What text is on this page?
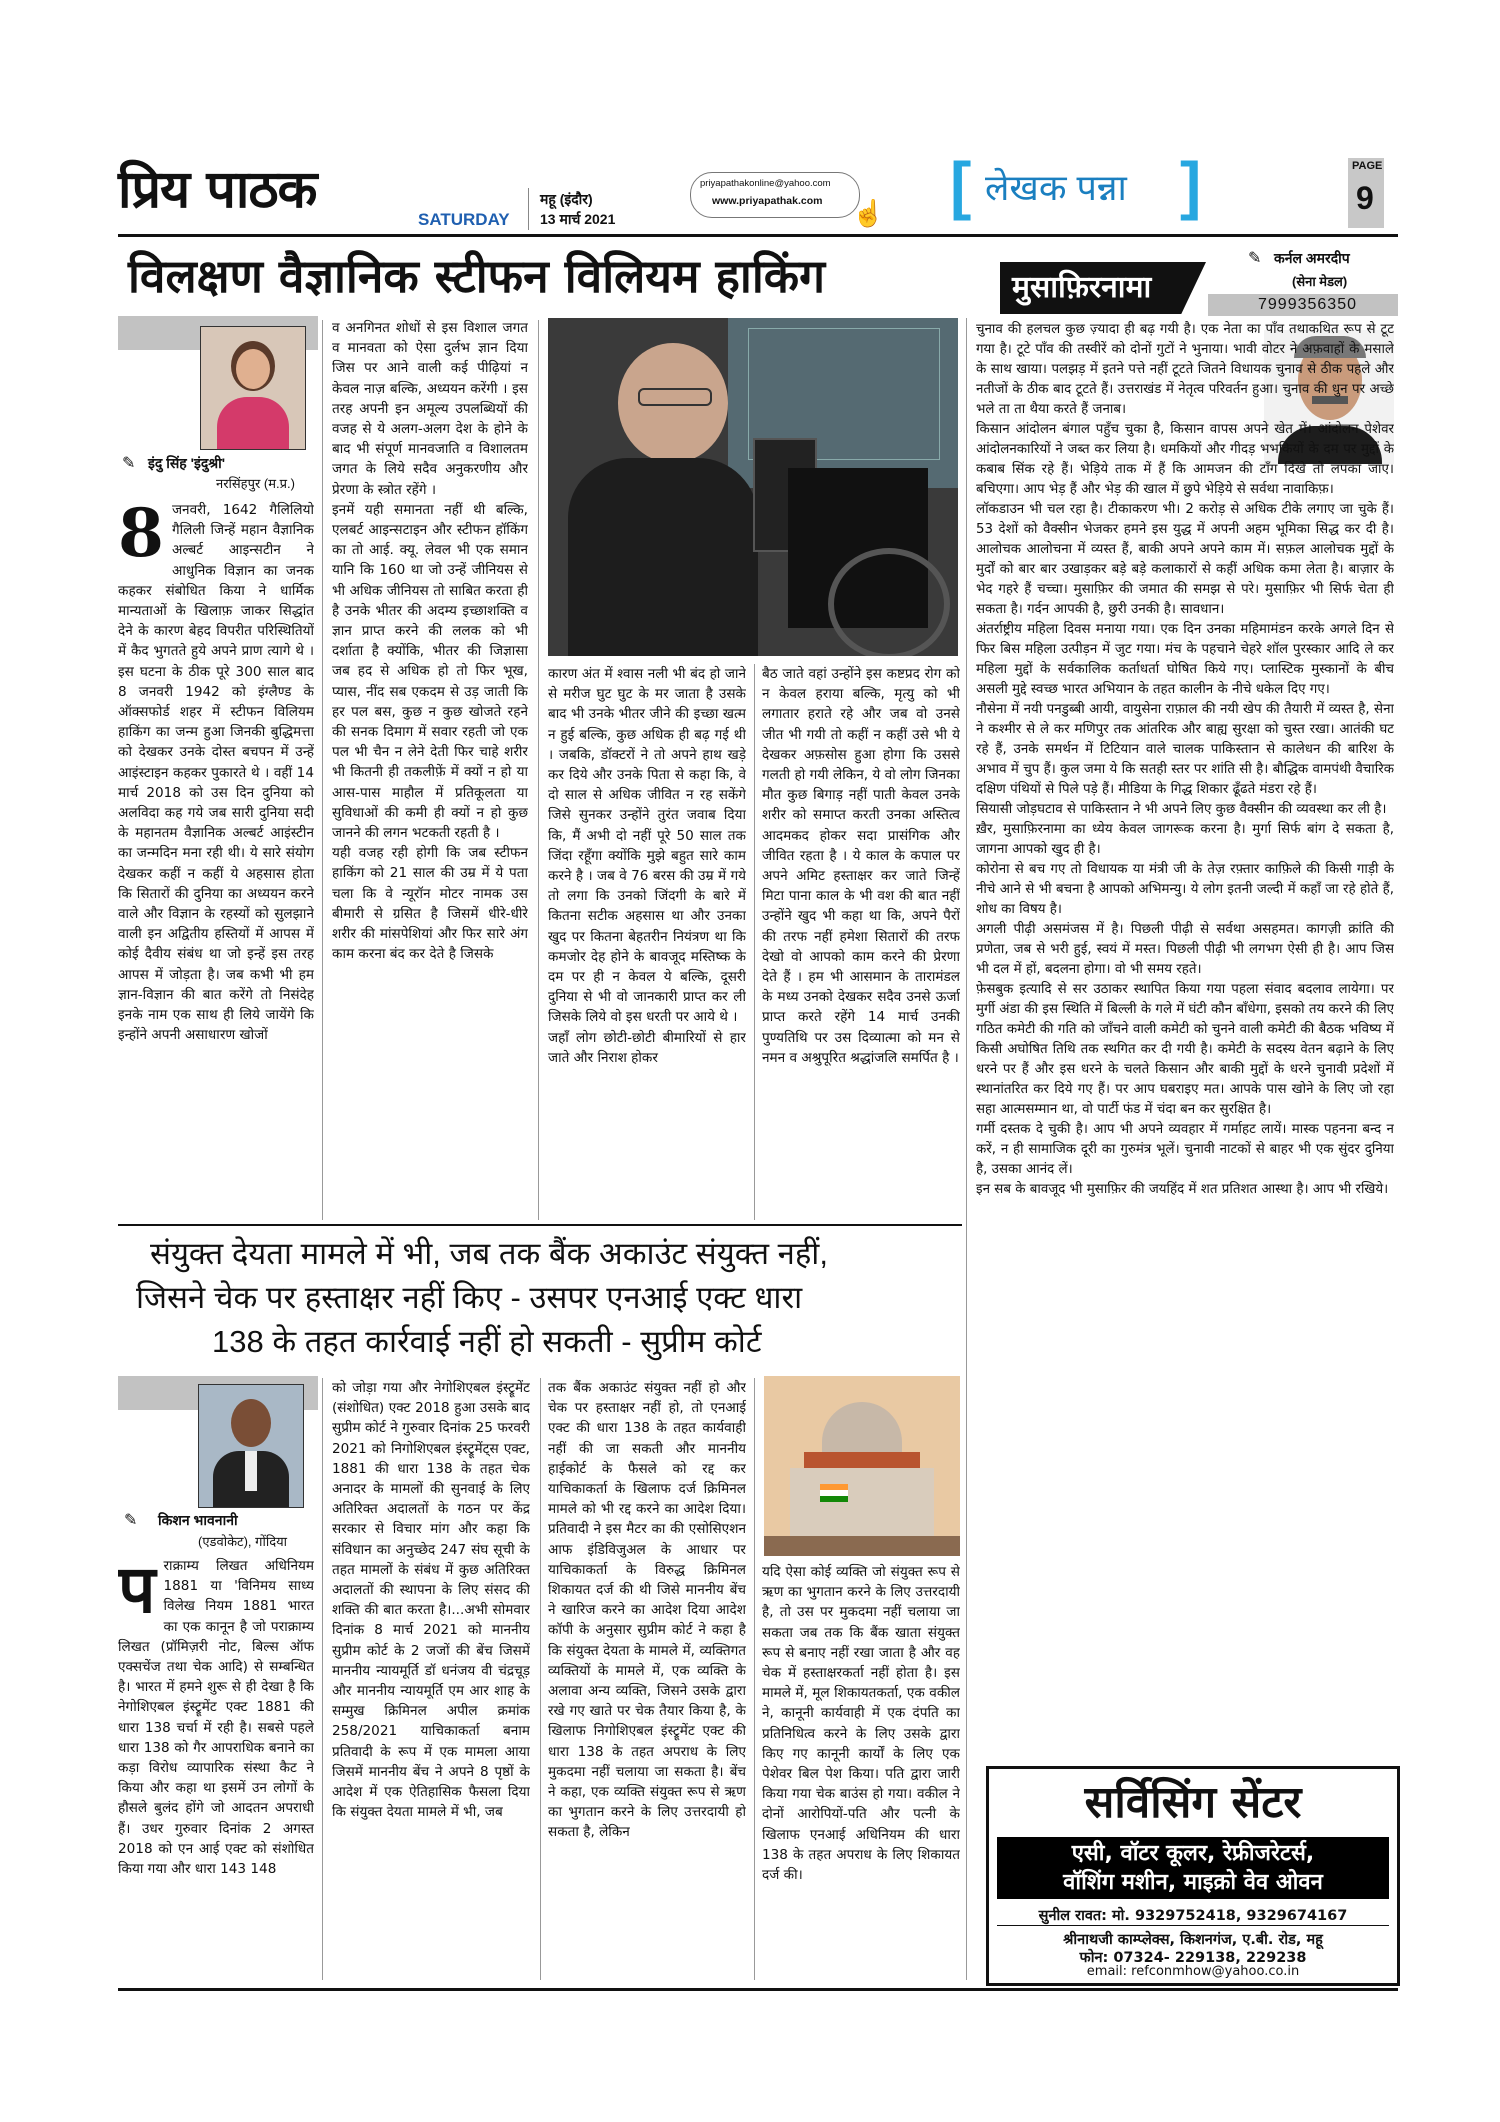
प्रिय पाठक	SATURDAY
महू (इंदौर)
13 मार्च 2021
priyapathakonline@yahoo.com
www.priyapathak.com ☝ [ लेखक पन्ना ]	PAGE
9
विलक्षण वैज्ञानिक स्टीफन विलियम हाकिंग
✎ इंदु सिंह 'इंदुश्री'
नरसिंहपुर (म.प्र.)
8 जनवरी, 1642 गैलिलियो गैलिली जिन्हें महान वैज्ञानिक अल्बर्ट आइन्सटीन ने आधुनिक विज्ञान का जनक कहकर संबोधित किया ने धार्मिक मान्यताओं के खिलाफ़ जाकर सिद्धांत देने के कारण बेहद विपरीत परिस्थितियों में कैद भुगतते हुये अपने प्राण त्यागे थे । इस घटना के ठीक पूरे 300 साल बाद 8 जनवरी 1942 को इंग्लैण्ड के ऑक्सफोर्ड शहर में स्टीफन विलियम हाकिंग का जन्म हुआ जिनकी बुद्धिमत्ता को देखकर उनके दोस्त बचपन में उन्हें आइंस्टाइन कहकर पुकारते थे । वहीं 14 मार्च 2018 को उस दिन दुनिया को अलविदा कह गये जब सारी दुनिया सदी के महानतम वैज्ञानिक अल्बर्ट आइंस्टीन का जन्मदिन मना रही थी। ये सारे संयोग देखकर कहीं न कहीं ये अहसास होता कि सितारों की दुनिया का अध्ययन करने वाले और विज्ञान के रहस्यों को सुलझाने वाली इन अद्वितीय हस्तियों में आपस में कोई दैवीय संबंध था जो इन्हें इस तरह आपस में जोड़ता है। जब कभी भी हम ज्ञान-विज्ञान की बात करेंगे तो निसंदेह इनके नाम एक साथ ही लिये जायेंगे कि इन्होंने अपनी असाधारण खोजों
व अनगिनत शोधों से इस विशाल जगत व मानवता को ऐसा दुर्लभ ज्ञान दिया जिस पर आने वाली कई पीढ़ियां न केवल नाज़ बल्कि, अध्ययन करेंगी । इस तरह अपनी इन अमूल्य उपलब्धियों की वजह से ये अलग-अलग देश के होने के बाद भी संपूर्ण मानवजाति व विशालतम जगत के लिये सदैव अनुकरणीय और प्रेरणा के स्त्रोत रहेंगे ।
इनमें यही समानता नहीं थी बल्कि, एलबर्ट आइन्सटाइन और स्टीफन हॉकिंग का तो आई. क्यू. लेवल भी एक समान यानि कि 160 था जो उन्हें जीनियस से भी अधिक जीनियस तो साबित करता ही है उनके भीतर की अदम्य इच्छाशक्ति व ज्ञान प्राप्त करने की ललक को भी दर्शाता है क्योंकि, भीतर की जिज्ञासा जब हद से अधिक हो तो फिर भूख, प्यास, नींद सब एकदम से उड़ जाती कि हर पल बस, कुछ न कुछ खोजते रहने की सनक दिमाग में सवार रहती जो एक पल भी चैन न लेने देती फिर चाहे शरीर भी कितनी ही तकलीफ़ें में क्यों न हो या आस-पास माहौल में प्रतिकूलता या सुविधाओं की कमी ही क्यों न हो कुछ जानने की लगन भटकती रहती है ।
यही वजह रही होगी कि जब स्टीफन हाकिंग को 21 साल की उम्र में ये पता चला कि वे न्यूरॉन मोटर नामक उस बीमारी से ग्रसित है जिसमें धीरे-धीरे शरीर की मांसपेशियां और फिर सारे अंग काम करना बंद कर देते है जिसके
कारण अंत में श्वास नली भी बंद हो जाने से मरीज घुट घुट के मर जाता है उसके बाद भी उनके भीतर जीने की इच्छा खत्म न हुई बल्कि, कुछ अधिक ही बढ़ गई थी । जबकि, डॉक्टरों ने तो अपने हाथ खड़े कर दिये और उनके पिता से कहा कि, वे दो साल से अधिक जीवित न रह सकेंगे जिसे सुनकर उन्होंने तुरंत जवाब दिया कि, मैं अभी दो नहीं पूरे 50 साल तक जिंदा रहूँगा क्योंकि मुझे बहुत सारे काम करने है । जब वे 76 बरस की उम्र में गये तो लगा कि उनको जिंदगी के बारे में कितना सटीक अहसास था और उनका खुद पर कितना बेहतरीन नियंत्रण था कि कमजोर देह होने के बावजूद मस्तिष्क के दम पर ही न केवल ये बल्कि, दूसरी दुनिया से भी वो जानकारी प्राप्त कर ली जिसके लिये वो इस धरती पर आये थे ।
जहाँ लोग छोटी-छोटी बीमारियों से हार जाते और निराश होकर
बैठ जाते वहां उन्होंने इस कष्टप्रद रोग को न केवल हराया बल्कि, मृत्यु को भी लगातार हराते रहे और जब वो उनसे जीत भी गयी तो कहीं न कहीं उसे भी ये देखकर अफ़सोस हुआ होगा कि उससे गलती हो गयी लेकिन, ये वो लोग जिनका मौत कुछ बिगाड़ नहीं पाती केवल उनके शरीर को समाप्त करती उनका अस्तित्व आदमकद होकर सदा प्रासंगिक और जीवित रहता है । ये काल के कपाल पर अपने अमिट हस्ताक्षर कर जाते जिन्हें मिटा पाना काल के भी वश की बात नहीं उन्होंने खुद भी कहा था कि, अपने पैरों की तरफ नहीं हमेशा सितारों की तरफ देखो वो आपको काम करने की प्रेरणा देते हैं । हम भी आसमान के तारामंडल के मध्य उनको देखकर सदैव उनसे ऊर्जा प्राप्त करते रहेंगे 14 मार्च उनकी पुण्यतिथि पर उस दिव्यात्मा को मन से नमन व अश्रुपूरित श्रद्धांजलि समर्पित है ।
संयुक्त देयता मामले में भी, जब तक बैंक अकाउंट संयुक्त नहीं,
जिसने चेक पर हस्ताक्षर नहीं किए - उसपर एनआई एक्ट धारा
138 के तहत कार्रवाई नहीं हो सकती - सुप्रीम कोर्ट
✎ किशन भावनानी
(एडवोकेट), गोंदिया
प राक्राम्य लिखत अधिनियम 1881 या 'विनिमय साध्य विलेख नियम 1881 भारत का एक कानून है जो पराक्राम्य लिखत (प्रॉमिज़री नोट, बिल्स ऑफ एक्सचेंज तथा चेक आदि) से सम्बन्धित है। भारत में हमने शुरू से ही देखा है कि नेगोशिएबल इंस्ट्रूमेंट एक्ट 1881 की धारा 138 चर्चा में रही है। सबसे पहले धारा 138 को गैर आपराधिक बनाने का कड़ा विरोध व्यापारिक संस्था कैट ने किया और कहा था इसमें उन लोगों के हौसले बुलंद होंगे जो आदतन अपराधी हैं। उधर गुरुवार दिनांक 2 अगस्त 2018 को एन आई एक्ट को संशोधित किया गया और धारा 143 148
को जोड़ा गया और नेगोशिएबल इंस्ट्रूमेंट (संशोधित) एक्ट 2018 हुआ उसके बाद सुप्रीम कोर्ट ने गुरुवार दिनांक 25 फरवरी 2021 को निगोशिएबल इंस्ट्रूमेंट्स एक्ट, 1881 की धारा 138 के तहत चेक अनादर के मामलों की सुनवाई के लिए अतिरिक्त अदालतों के गठन पर केंद्र सरकार से विचार मांग और कहा कि संविधान का अनुच्छेद 247 संघ सूची के तहत मामलों के संबंध में कुछ अतिरिक्त अदालतों की स्थापना के लिए संसद की शक्ति की बात करता है।...अभी सोमवार दिनांक 8 मार्च 2021 को माननीय सुप्रीम कोर्ट के 2 जजों की बेंच जिसमें माननीय न्यायमूर्ति डॉ धनंजय वी चंद्रचूड़ और माननीय न्यायमूर्ति एम आर शाह के सम्मुख क्रिमिनल अपील क्रमांक 258/2021 याचिकाकर्ता बनाम प्रतिवादी के रूप में एक मामला आया जिसमें माननीय बेंच ने अपने 8 पृष्ठों के आदेश में एक ऐतिहासिक फैसला दिया कि संयुक्त देयता मामले में भी, जब
तक बैंक अकाउंट संयुक्त नहीं हो और चेक पर हस्ताक्षर नहीं हो, तो एनआई एक्ट की धारा 138 के तहत कार्यवाही नहीं की जा सकती और माननीय हाईकोर्ट के फैसले को रद्द कर याचिकाकर्ता के खिलाफ दर्ज क्रिमिनल मामले को भी रद्द करने का आदेश दिया। प्रतिवादी ने इस मैटर का की एसोसिएशन आफ इंडिविजुअल के आधार पर याचिकाकर्ता के विरुद्ध क्रिमिनल शिकायत दर्ज की थी जिसे माननीय बेंच ने खारिज करने का आदेश दिया आदेश कॉपी के अनुसार सुप्रीम कोर्ट ने कहा है कि संयुक्त देयता के मामले में, व्यक्तिगत व्यक्तियों के मामले में, एक व्यक्ति के अलावा अन्य व्यक्ति, जिसने उसके द्वारा रखे गए खाते पर चेक तैयार किया है, के खिलाफ निगोशिएबल इंस्ट्रूमेंट एक्ट की धारा 138 के तहत अपराध के लिए मुकदमा नहीं चलाया जा सकता है। बेंच ने कहा, एक व्यक्ति संयुक्त रूप से ऋण का भुगतान करने के लिए उत्तरदायी हो सकता है, लेकिन
यदि ऐसा कोई व्यक्ति जो संयुक्त रूप से ऋण का भुगतान करने के लिए उत्तरदायी है, तो उस पर मुकदमा नहीं चलाया जा सकता जब तक कि बैंक खाता संयुक्त रूप से बनाए नहीं रखा जाता है और वह चेक में हस्ताक्षरकर्ता नहीं होता है। इस मामले में, मूल शिकायतकर्ता, एक वकील ने, कानूनी कार्यवाही में एक दंपति का प्रतिनिधित्व करने के लिए उसके द्वारा किए गए कानूनी कार्यों के लिए एक पेशेवर बिल पेश किया। पति द्वारा जारी किया गया चेक बाउंस हो गया। वकील ने दोनों आरोपियों-पति और पत्नी के खिलाफ एनआई अधिनियम की धारा 138 के तहत अपराध के लिए शिकायत दर्ज की।
मुसाफ़िरनामा
✎ कर्नल अमरदीप
(सेना मेडल)
7999356350
चुनाव की हलचल कुछ ज़्यादा ही बढ़ गयी है। एक नेता का पाँव तथाकथित रूप से टूट गया है। टूटे पाँव की तस्वीरें को दोनों गुटों ने भुनाया। भावी वोटर ने अफ़वाहों के मसाले के साथ खाया। पलझड़ में इतने पत्ते नहीं टूटते जितने विधायक चुनाव से ठीक पहले और नतीजों के ठीक बाद टूटते हैं। उत्तराखंड में नेतृत्व परिवर्तन हुआ। चुनाव की धुन पर अच्छे भले ता ता थैया करते हैं जनाब।
किसान आंदोलन बंगाल पहुँच चुका है, किसान वापस अपने खेत में। आंदोलन पेशेवर आंदोलनकारियों ने जब्त कर लिया है। धमकियों और गीदड़ भभकियों के दम पर मुद्दों के कबाब सिंक रहे हैं। भेड़िये ताक में हैं कि आमजन की टाँग दिखे तो लपका जाए। बचिएगा। आप भेड़ हैं और भेड़ की खाल में छुपे भेड़िये से सर्वथा नावाकिफ़।
लॉकडाउन भी चल रहा है। टीकाकरण भी। 2 करोड़ से अधिक टीके लगाए जा चुके हैं। 53 देशों को वैक्सीन भेजकर हमने इस युद्ध में अपनी अहम भूमिका सिद्ध कर दी है। आलोचक आलोचना में व्यस्त हैं, बाकी अपने अपने काम में। सफ़ल आलोचक मुद्दों के मुर्दों को बार बार उखाड़कर बड़े बड़े कलाकारों से कहीं अधिक कमा लेता है। बाज़ार के भेद गहरे हैं चच्चा। मुसाफ़िर की जमात की समझ से परे। मुसाफ़िर भी सिर्फ चेता ही सकता है। गर्दन आपकी है, छुरी उनकी है। सावधान।
अंतर्राष्ट्रीय महिला दिवस मनाया गया। एक दिन उनका महिमामंडन करके अगले दिन से फिर बिस महिला उत्पीड़न में जुट गया। मंच के पहचाने चेहरे शॉल पुरस्कार आदि ले कर महिला मुद्दों के सर्वकालिक कर्ताधर्ता घोषित किये गए। प्लास्टिक मुस्कानों के बीच असली मुद्दे स्वच्छ भारत अभियान के तहत कालीन के नीचे धकेल दिए गए।
नौसेना में नयी पनडुब्बी आयी, वायुसेना राफ़ाल की नयी खेप की तैयारी में व्यस्त है, सेना ने कश्मीर से ले कर मणिपुर तक आंतरिक और बाह्य सुरक्षा को चुस्त रखा। आतंकी घट रहे हैं, उनके समर्थन में टिटियान वाले चालक पाकिस्तान से कालेधन की बारिश के अभाव में चुप हैं। कुल जमा ये कि सतही स्तर पर शांति सी है। बौद्धिक वामपंथी वैचारिक दक्षिण पंथियों से पिले पड़े हैं। मीडिया के गिद्ध शिकार ढूँढते मंडरा रहे हैं।
सियासी जोड़घटाव से पाकिस्तान ने भी अपने लिए कुछ वैक्सीन की व्यवस्था कर ली है।
ख़ैर, मुसाफ़िरनामा का ध्येय केवल जागरूक करना है। मुर्गा सिर्फ बांग दे सकता है, जागना आपको खुद ही है।
कोरोना से बच गए तो विधायक या मंत्री जी के तेज़ रफ़्तार काफ़िले की किसी गाड़ी के नीचे आने से भी बचना है आपको अभिमन्यु। ये लोग इतनी जल्दी में कहाँ जा रहे होते हैं, शोध का विषय है।
अगली पीढ़ी असमंजस में है। पिछली पीढ़ी से सर्वथा असहमत। कागज़ी क्रांति की प्रणेता, जब से भरी हुई, स्वयं में मस्त। पिछली पीढ़ी भी लगभग ऐसी ही है। आप जिस भी दल में हों, बदलना होगा। वो भी समय रहते।
फ़ेसबुक इत्यादि से सर उठाकर स्थापित किया गया पहला संवाद बदलाव लायेगा। पर मुर्गी अंडा की इस स्थिति में बिल्ली के गले में घंटी कौन बाँधेगा, इसको तय करने की लिए गठित कमेटी की गति को जाँचने वाली कमेटी को चुनने वाली कमेटी की बैठक भविष्य में किसी अघोषित तिथि तक स्थगित कर दी गयी है। कमेटी के सदस्य वेतन बढ़ाने के लिए धरने पर हैं और इस धरने के चलते किसान और बाकी मुद्दों के धरने चुनावी प्रदेशों में स्थानांतरित कर दिये गए हैं। पर आप घबराइए मत। आपके पास खोने के लिए जो रहा सहा आत्मसम्मान था, वो पार्टी फंड में चंदा बन कर सुरक्षित है।
गर्मी दस्तक दे चुकी है। आप भी अपने व्यवहार में गर्माहट लायें। मास्क पहनना बन्द न करें, न ही सामाजिक दूरी का गुरुमंत्र भूलें। चुनावी नाटकों से बाहर भी एक सुंदर दुनिया है, उसका आनंद लें।
इन सब के बावजूद भी मुसाफ़िर की जयहिंद में शत प्रतिशत आस्था है। आप भी रखिये।
सर्विसिंग सेंटर
एसी, वॉटर कूलर, रेफ्रीजरेटर्स,
वॉशिंग मशीन, माइक्रो वेव ओवन
सुनील रावत: मो. 9329752418, 9329674167
श्रीनाथजी काम्प्लेक्स, किशनगंज, ए.बी. रोड, महू
फोन: 07324- 229138, 229238
email: refconmhow@yahoo.co.in
